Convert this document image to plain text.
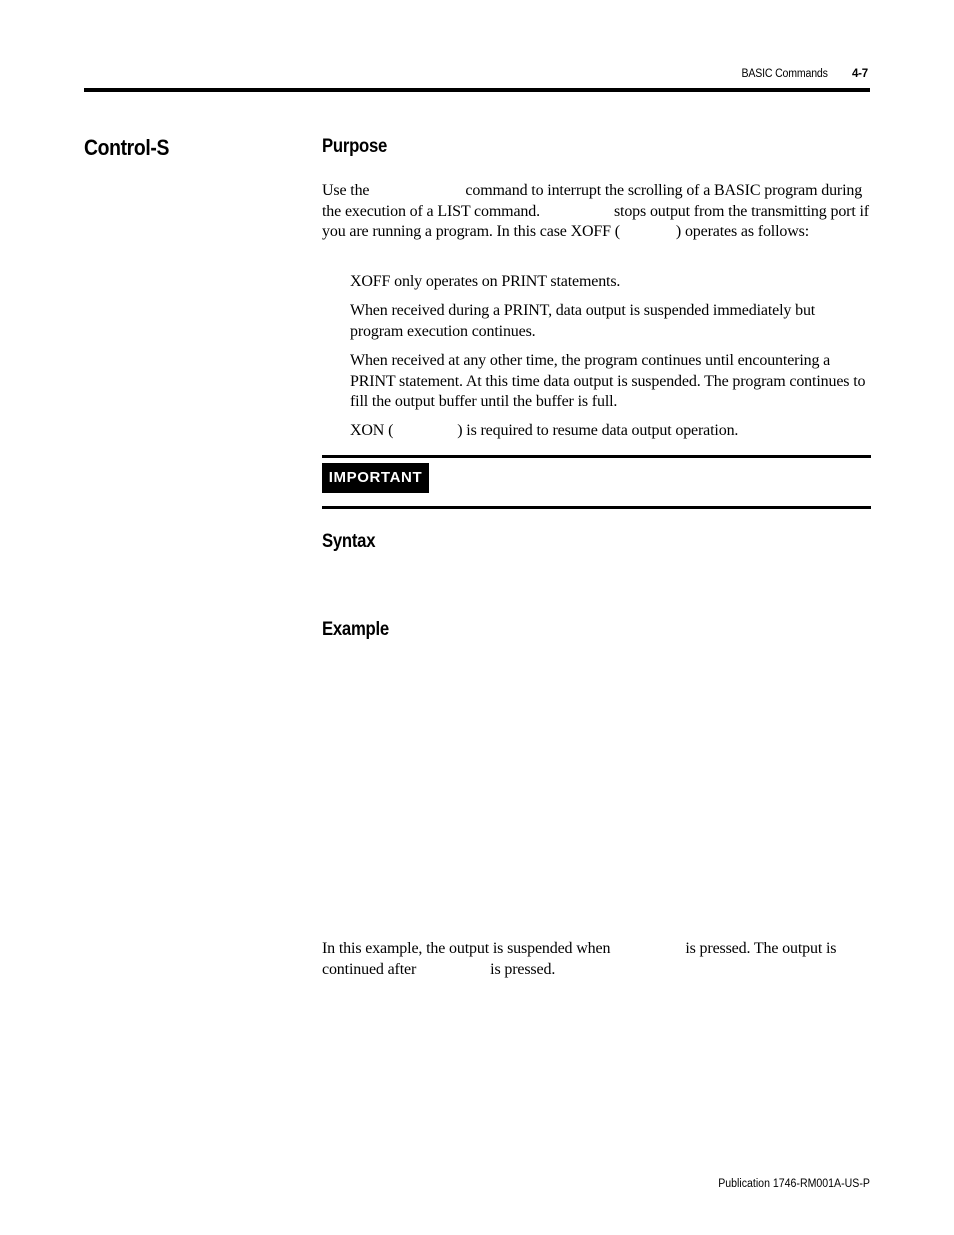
BASIC Commands 4-7
Control-S	Purpose

Use the	command to interrupt the scrolling of a BASIC program during the execution of a LIST command.	stops output from the transmitting port if you are running a program. In this case XOFF (	) operates as follows:

XOFF only operates on PRINT statements.

When received during a PRINT, data output is suspended immediately but program execution continues.

When received at any other time, the program continues until encountering a PRINT statement. At this time data output is suspended. The program continues to fill the output buffer until the buffer is full.

XON (	) is required to resume data output operation.

IMPORTANT
Syntax
Example

In this example, the output is suspended when	is pressed. The output is continued after	is pressed.

Publication 1746-RM001A-US-P
